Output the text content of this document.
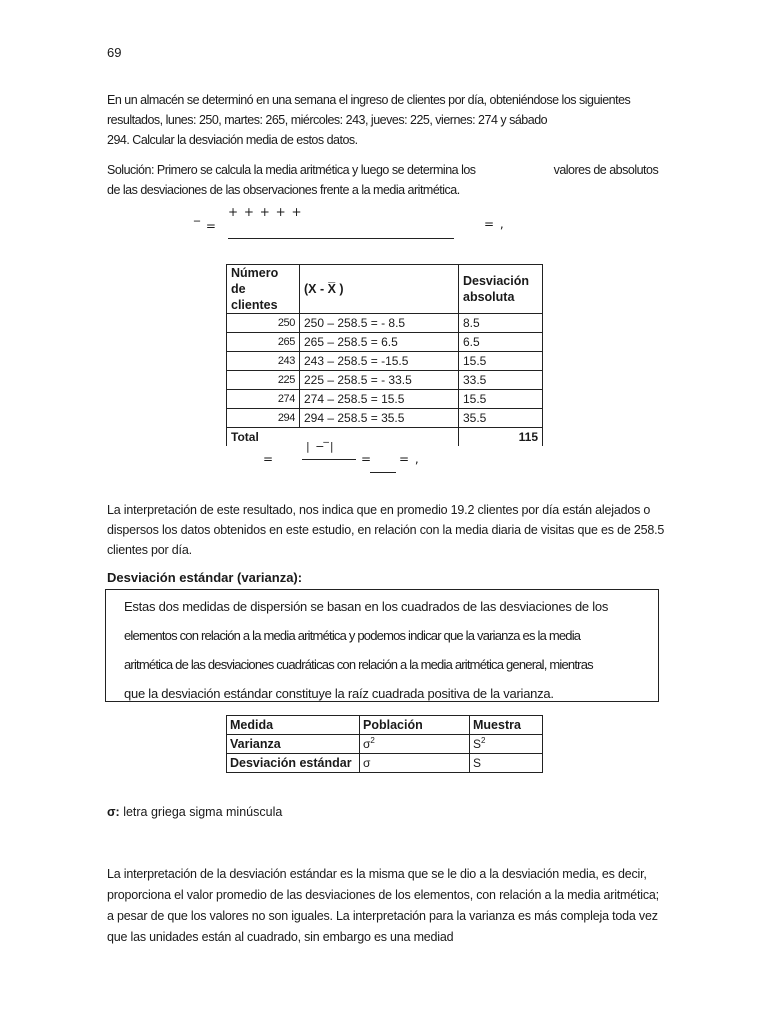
69
En un almacén se determinó en una semana el ingreso de clientes por día, obteniéndose los siguientes
resultados, lunes: 250, martes: 265, miércoles: 243, jueves: 225, viernes: 274 y sábado
294. Calcular la desviación media de estos datos.
Solución: Primero se calcula la media aritmética y luego se determina los	valores de absolutos
de las desviaciones de las observaciones frente a la media aritmética.
̅ =
+ + + + +
= ,
Número de clientes	(X - X̅ )	Desviación absoluta
250	250 – 258.5 = - 8.5	8.5
265	265 – 258.5 = 6.5	6.5
243	243 – 258.5 = -15.5	15.5
225	225 – 258.5 = - 33.5	33.5
274	274 – 258.5 = 15.5	15.5
294	294 – 258.5 = 35.5	35.5
Total		115
=
| − ̅|
= = ,
La interpretación de este resultado, nos indica que en promedio 19.2 clientes por día están alejados o
dispersos los datos obtenidos en este estudio, en relación con la media diaria de visitas que es de 258.5
clientes por día.
Desviación estándar (varianza):
Estas dos medidas de dispersión se basan en los cuadrados de las desviaciones de los
elementos con relación a la media aritmética y podemos indicar que la varianza es la media
aritmética de las desviaciones cuadráticas con relación a la media aritmética general, mientras
que la desviación estándar constituye la raíz cuadrada positiva de la varianza.
Medida	Población	Muestra
Varianza	$\sigma^2$	$S^2$
Desviación estándar	σ	S
σ: letra griega sigma minúscula
La interpretación de la desviación estándar es la misma que se le dio a la desviación media, es decir,
proporciona el valor promedio de las desviaciones de los elementos, con relación a la media aritmética;
a pesar de que los valores no son iguales. La interpretación para la varianza es más compleja toda vez
que las unidades están al cuadrado, sin embargo es una mediad
